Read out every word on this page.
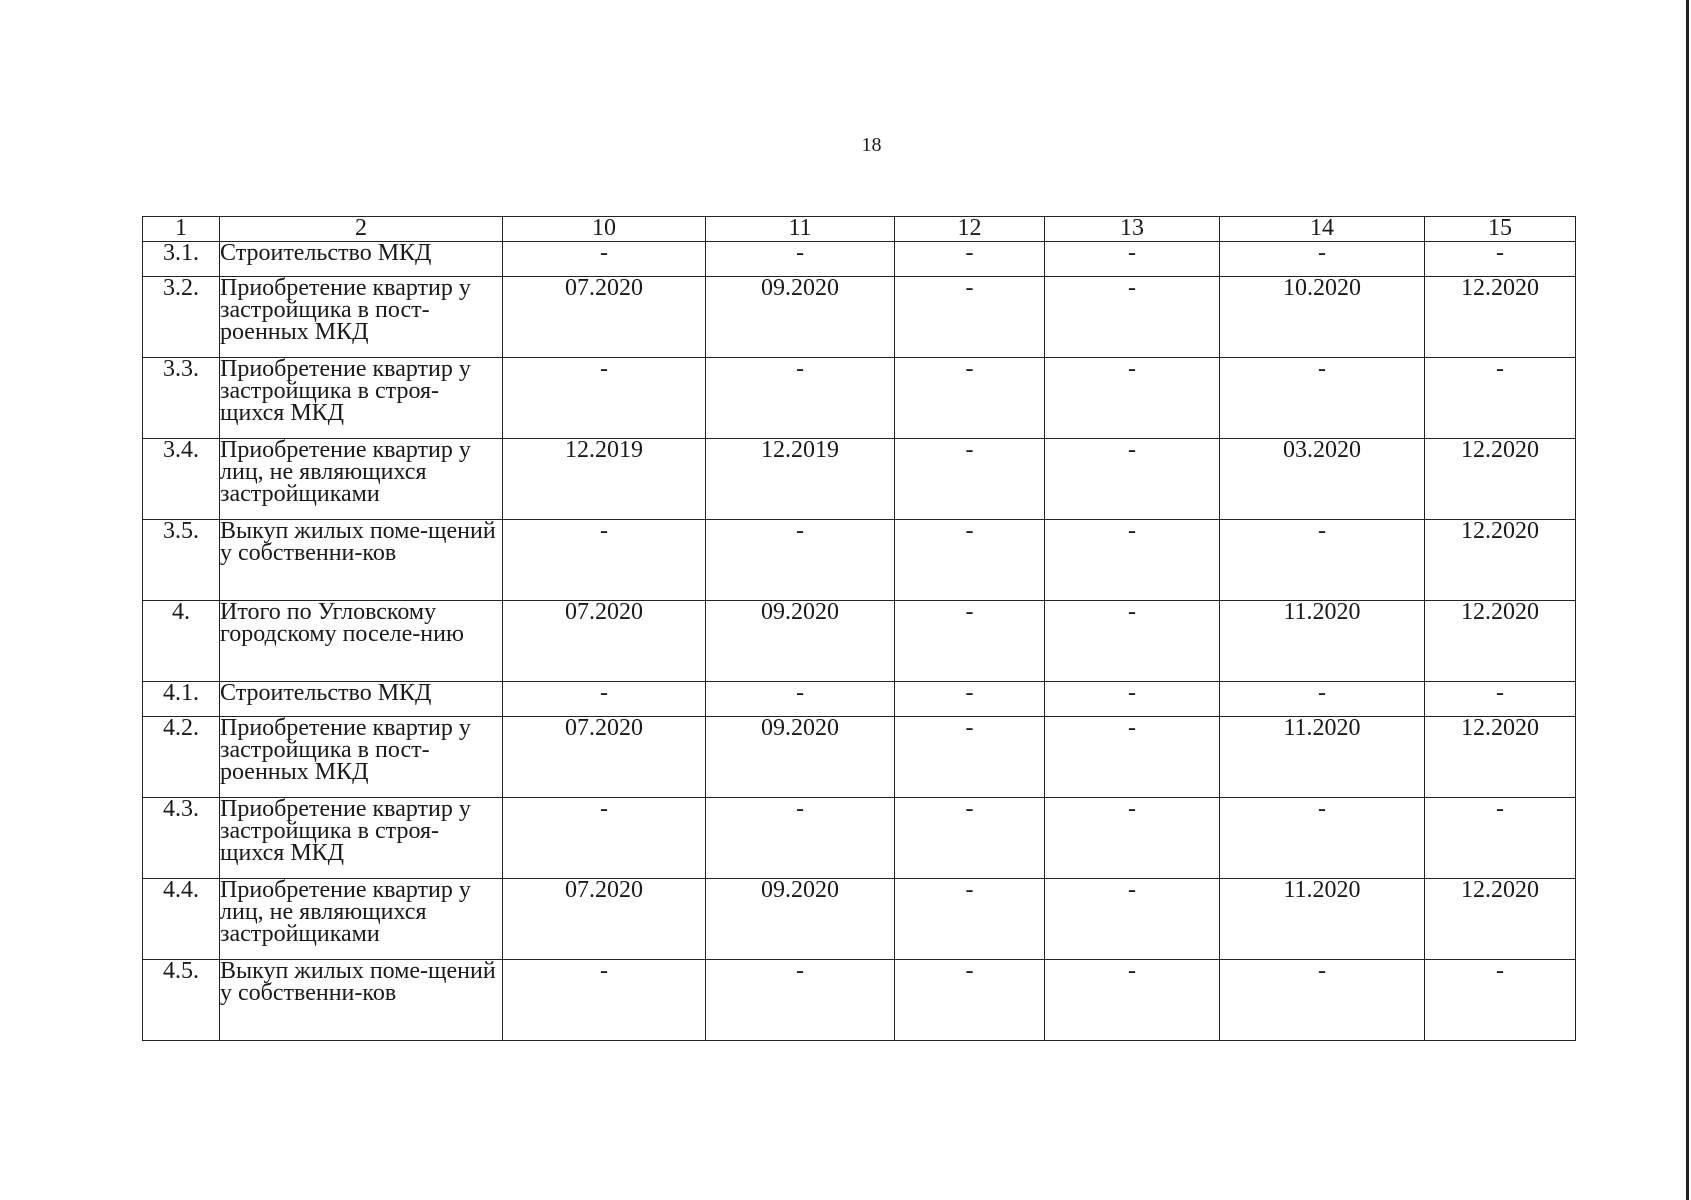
18
1	2	10	11	12	13	14	15
3.1.	Строительство МКД	-	-	-	-	-	-
3.2.	Приобретение квартир у застройщика в пост-роенных МКД	07.2020	09.2020	-	-	10.2020	12.2020
3.3.	Приобретение квартир у застройщика в строя-щихся МКД	-	-	-	-	-	-
3.4.	Приобретение квартир у лиц, не являющихся застройщиками	12.2019	12.2019	-	-	03.2020	12.2020
3.5.	Выкуп жилых поме-щений у собственни-ков	-	-	-	-	-	12.2020
4.	Итого по Угловскому городскому поселе-нию	07.2020	09.2020	-	-	11.2020	12.2020
4.1.	Строительство МКД	-	-	-	-	-	-
4.2.	Приобретение квартир у застройщика в пост-роенных МКД	07.2020	09.2020	-	-	11.2020	12.2020
4.3.	Приобретение квартир у застройщика в строя-щихся МКД	-	-	-	-	-	-
4.4.	Приобретение квартир у лиц, не являющихся застройщиками	07.2020	09.2020	-	-	11.2020	12.2020
4.5.	Выкуп жилых поме-щений у собственни-ков	-	-	-	-	-	-
